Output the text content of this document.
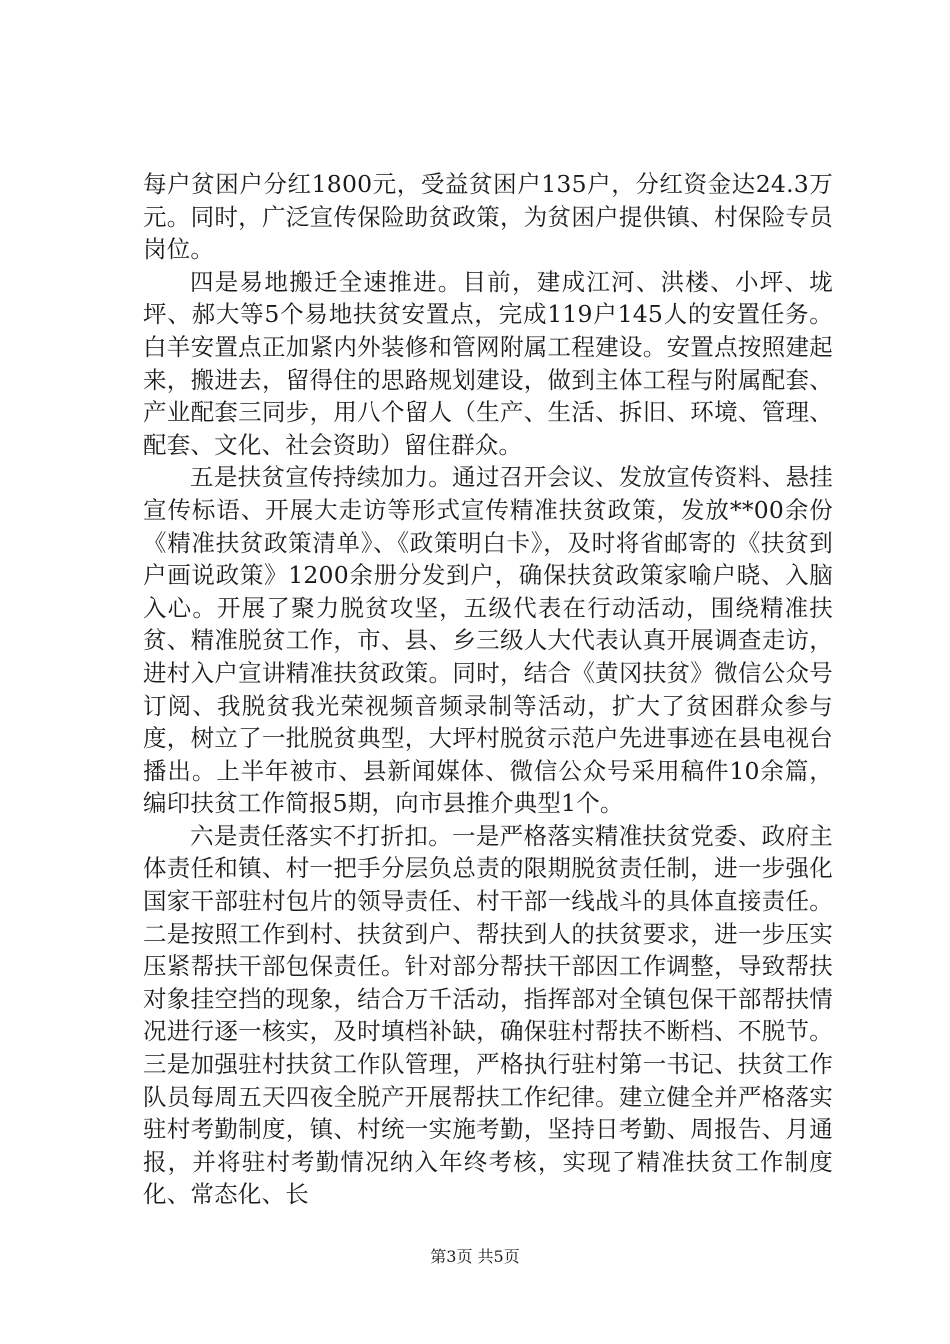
每户贫困户分红1800元，受益贫困户135户，分红资金达24.3万元。同时，广泛宣传保险助贫政策，为贫困户提供镇、村保险专员岗位。

四是易地搬迁全速推进。目前，建成江河、洪楼、小坪、垅坪、郝大等5个易地扶贫安置点，完成119户145人的安置任务。白羊安置点正加紧内外装修和管网附属工程建设。安置点按照建起来，搬进去，留得住的思路规划建设，做到主体工程与附属配套、产业配套三同步，用八个留人（生产、生活、拆旧、环境、管理、配套、文化、社会资助）留住群众。

五是扶贫宣传持续加力。通过召开会议、发放宣传资料、悬挂宣传标语、开展大走访等形式宣传精准扶贫政策，发放**00余份《精准扶贫政策清单》、《政策明白卡》，及时将省邮寄的《扶贫到户画说政策》1200余册分发到户，确保扶贫政策家喻户晓、入脑入心。开展了聚力脱贫攻坚，五级代表在行动活动，围绕精准扶贫、精准脱贫工作，市、县、乡三级人大代表认真开展调查走访，进村入户宣讲精准扶贫政策。同时，结合《黄冈扶贫》微信公众号订阅、我脱贫我光荣视频音频录制等活动，扩大了贫困群众参与度，树立了一批脱贫典型，大坪村脱贫示范户先进事迹在县电视台播出。上半年被市、县新闻媒体、微信公众号采用稿件10余篇，编印扶贫工作简报5期，向市县推介典型1个。

六是责任落实不打折扣。一是严格落实精准扶贫党委、政府主体责任和镇、村一把手分层负总责的限期脱贫责任制，进一步强化国家干部驻村包片的领导责任、村干部一线战斗的具体直接责任。二是按照工作到村、扶贫到户、帮扶到人的扶贫要求，进一步压实压紧帮扶干部包保责任。针对部分帮扶干部因工作调整，导致帮扶对象挂空挡的现象，结合万千活动，指挥部对全镇包保干部帮扶情况进行逐一核实，及时填档补缺，确保驻村帮扶不断档、不脱节。三是加强驻村扶贫工作队管理，严格执行驻村第一书记、扶贫工作队员每周五天四夜全脱产开展帮扶工作纪律。建立健全并严格落实驻村考勤制度，镇、村统一实施考勤，坚持日考勤、周报告、月通报，并将驻村考勤情况纳入年终考核，实现了精准扶贫工作制度化、常态化、长

第3页 共5页
